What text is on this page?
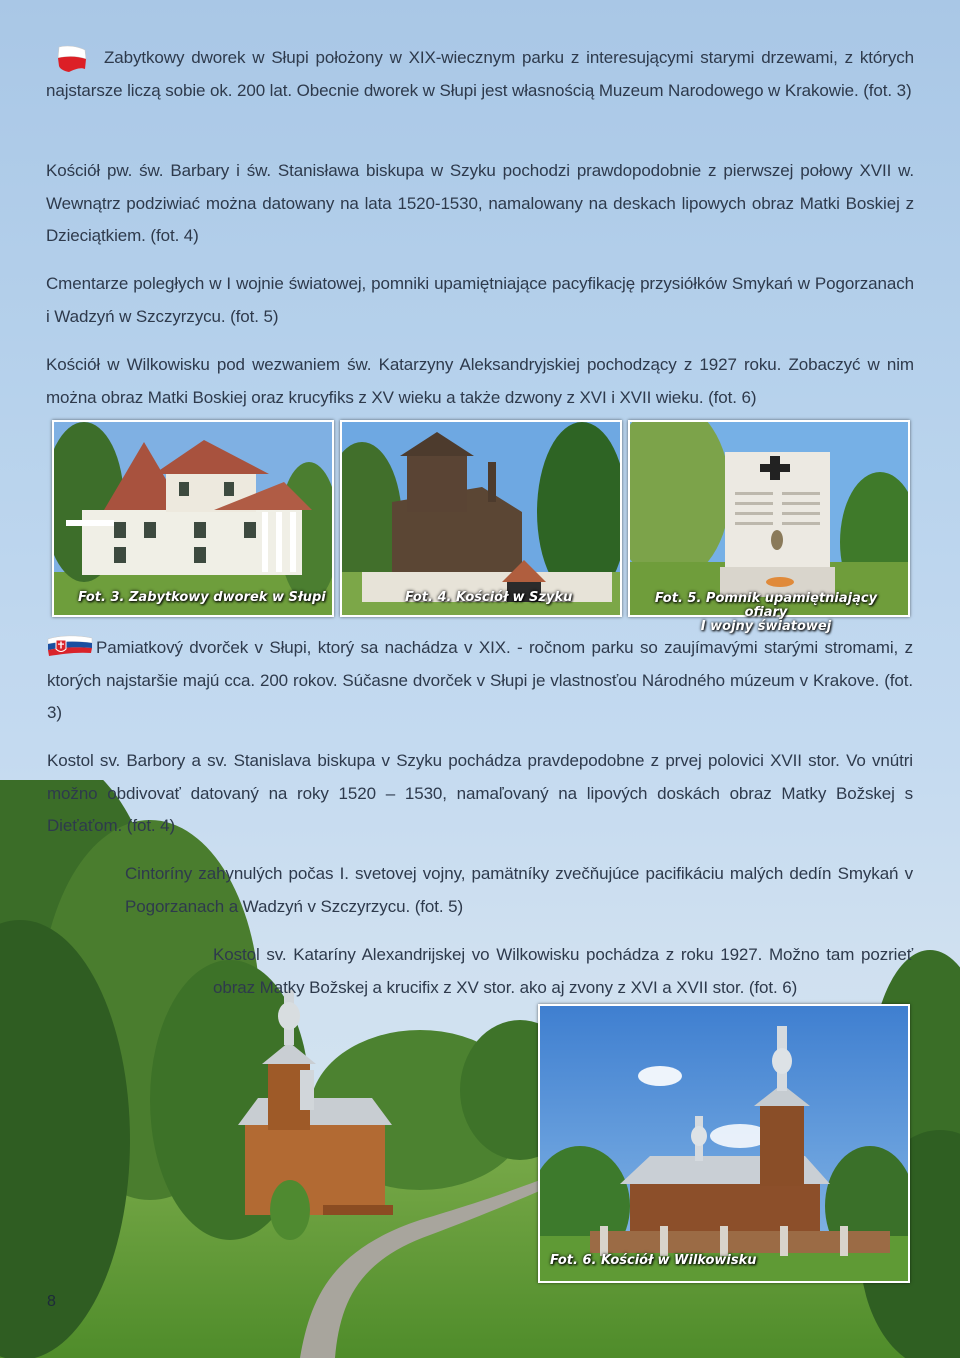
Zabytkowy dworek w Słupi położony w XIX-wiecznym parku z interesującymi starymi drzewami, z których najstarsze liczą sobie ok. 200 lat. Obecnie dworek w Słupi jest własnością Muzeum Narodowego w Krakowie. (fot. 3)

Kościół pw. św. Barbary i św. Stanisława biskupa w Szyku pochodzi prawdopodobnie z pierwszej połowy XVII w. Wewnątrz podziwiać można datowany na lata 1520-1530, namalowany na deskach lipowych obraz Matki Boskiej z Dzieciątkiem. (fot. 4)

Cmentarze poległych w I wojnie światowej, pomniki upamiętniające pacyfikację przysiółków Smykań w Pogorzanach i Wadzyń w Szczyrzycu. (fot. 5)

Kościół w Wilkowisku pod wezwaniem św. Katarzyny Aleksandryjskiej pochodzący z 1927 roku. Zobaczyć w nim można obraz Matki Boskiej oraz krucyfiks z XV wieku a także dzwony z XVI i XVII wieku. (fot. 6)

Fot. 3. Zabytkowy dworek w Słupi	Fot. 4. Kościół w Szyku	Fot. 5. Pomnik upamiętniający ofiary
I wojny światowej

Pamiatkový dvorček v Słupi, ktorý sa nachádza v XIX. - ročnom parku so zaujímavými starými stromami, z ktorých najstaršie majú cca. 200 rokov. Súčasne dvorček v Słupi je vlastnosťou Národného múzeum v Krakove. (fot. 3)

Kostol sv. Barbory a sv. Stanislava biskupa v Szyku pochádza pravdepodobne z prvej polovici XVII stor. Vo vnútri možno obdivovať datovaný na roky 1520 – 1530, namaľovaný na lipových doskách obraz Matky Božskej s Dieťaťom. (fot. 4)

Cintoríny zahynulých počas I. svetovej vojny, pamätníky zvečňujúce pacifikáciu malých dedín Smykań v Pogorzanach a Wadzyń v Szczyrzycu. (fot. 5)

Kostol sv. Kataríny Alexandrijskej vo Wilkowisku pochádza z roku 1927. Možno tam pozrieť obraz Matky Božskej a krucifix z XV stor. ako aj zvony z XVI a XVII stor. (fot. 6)

Fot. 6. Kościół w Wilkowisku
8
